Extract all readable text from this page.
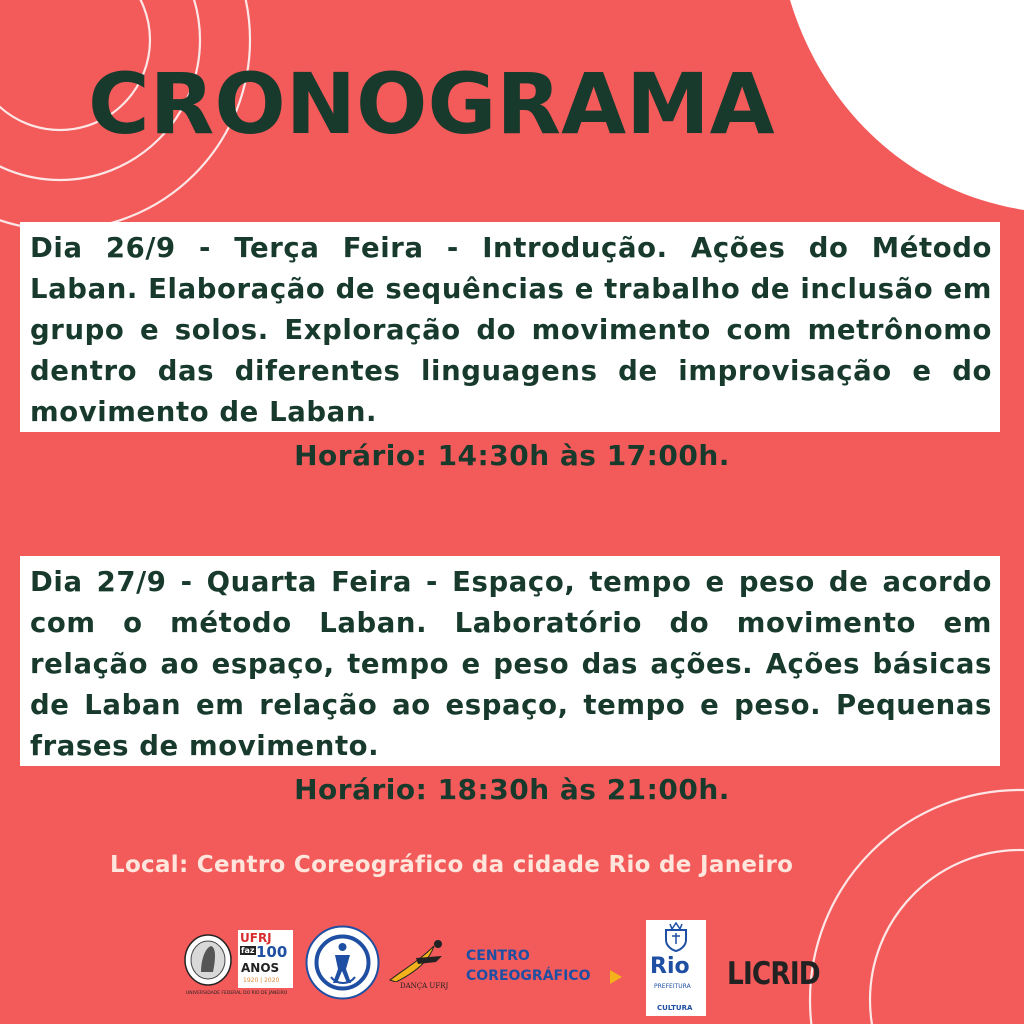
CRONOGRAMA
Dia 26/9 - Terça Feira - Introdução. Ações do Método Laban. Elaboração de sequências e trabalho de inclusão em grupo e solos. Exploração do movimento com metrônomo dentro das diferentes linguagens de improvisação e do movimento de Laban.
Horário: 14:30h às 17:00h.
Dia 27/9 - Quarta Feira - Espaço, tempo e peso de acordo com o método Laban. Laboratório do movimento em relação ao espaço, tempo e peso das ações. Ações básicas de Laban em relação ao espaço, tempo e peso. Pequenas frases de movimento.
Horário: 18:30h às 21:00h.
Local: Centro Coreográfico da cidade Rio de Janeiro
UNIVERSIDADE FEDERAL DO RIO DE JANEIRO
UFRJ
faz 100
ANOS
1920 | 2020
DANÇA UFRJ
CENTRO
COREOGRÁFICO	Rio
PREFEITURA
CULTURA
LICRID
